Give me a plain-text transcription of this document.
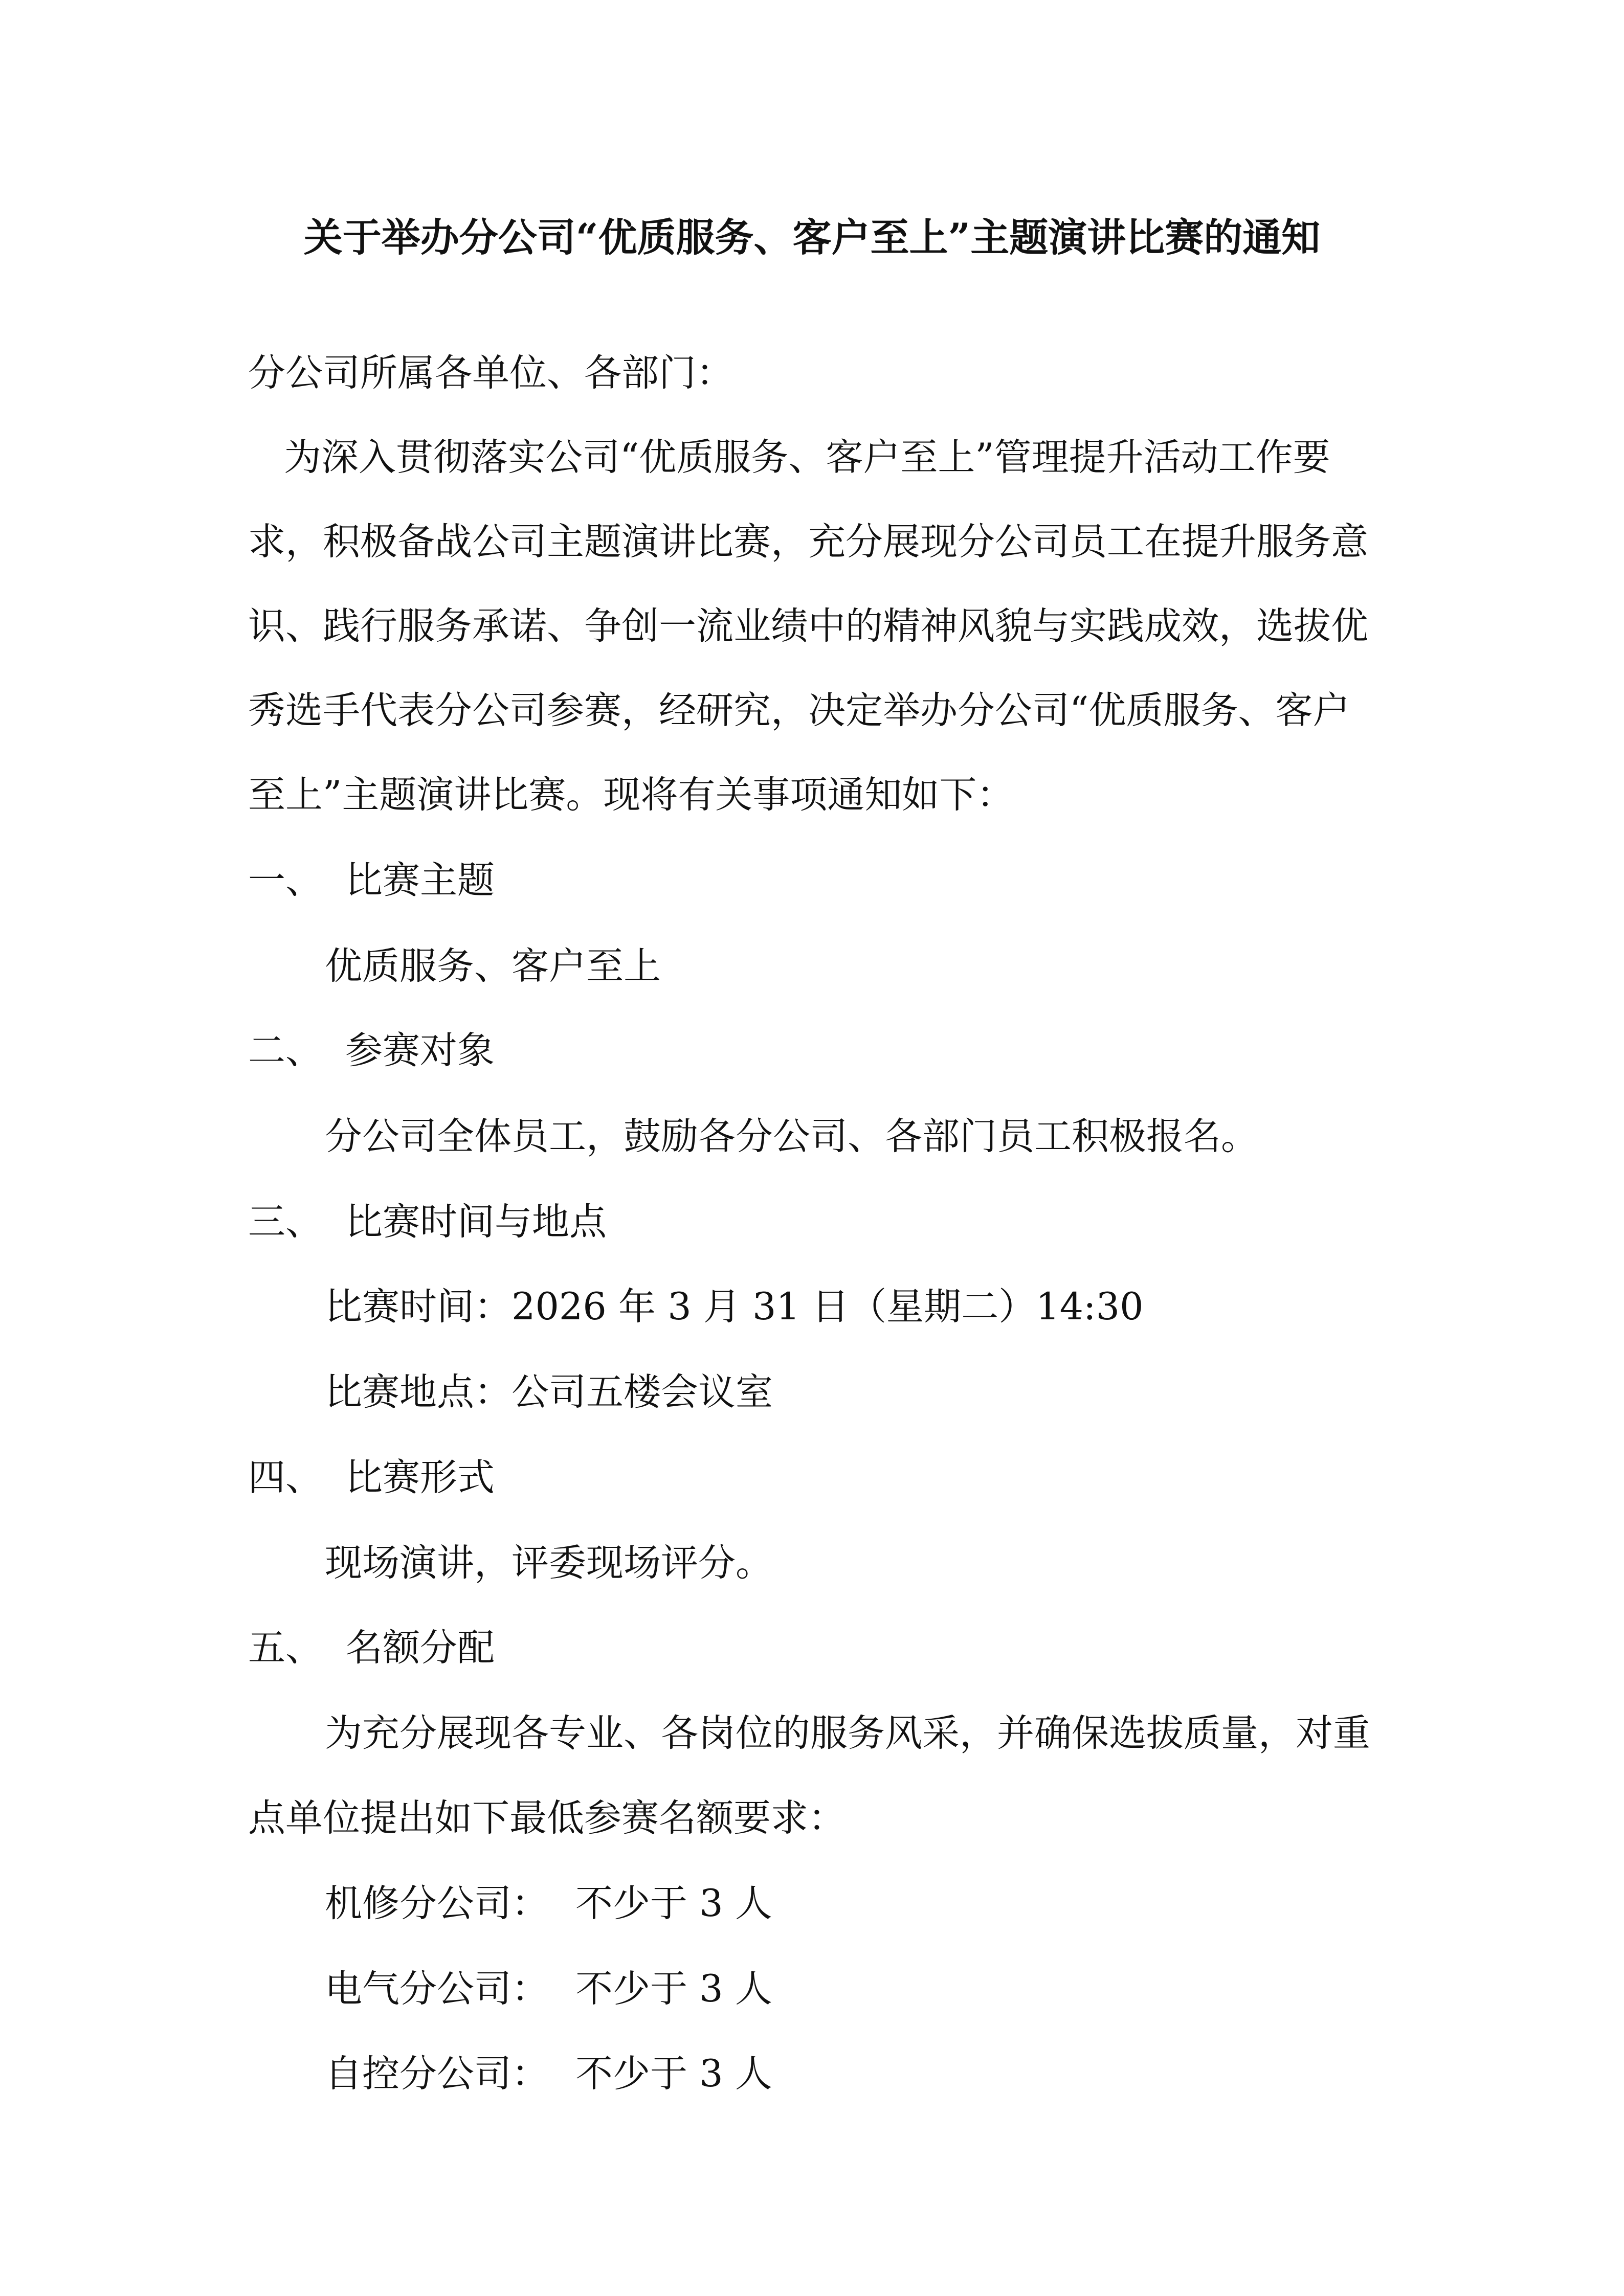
关于举办分公司“优质服务、客户至上”主题演讲比赛的通知
分公司所属各单位、各部门：
为深入贯彻落实公司“优质服务、客户至上”管理提升活动工作要
求，积极备战公司主题演讲比赛，充分展现分公司员工在提升服务意
识、践行服务承诺、争创一流业绩中的精神风貌与实践成效，选拔优
秀选手代表分公司参赛，经研究，决定举办分公司“优质服务、客户
至上”主题演讲比赛。现将有关事项通知如下：
一、 比赛主题
优质服务、客户至上
二、 参赛对象
分公司全体员工，鼓励各分公司、各部门员工积极报名。
三、 比赛时间与地点
比赛时间：2026 年 3 月 31 日（星期二）14:30
比赛地点：公司五楼会议室
四、 比赛形式
现场演讲，评委现场评分。
五、 名额分配
为充分展现各专业、各岗位的服务风采，并确保选拔质量，对重
点单位提出如下最低参赛名额要求：
机修分公司： 不少于 3 人
电气分公司： 不少于 3 人
自控分公司： 不少于 3 人
